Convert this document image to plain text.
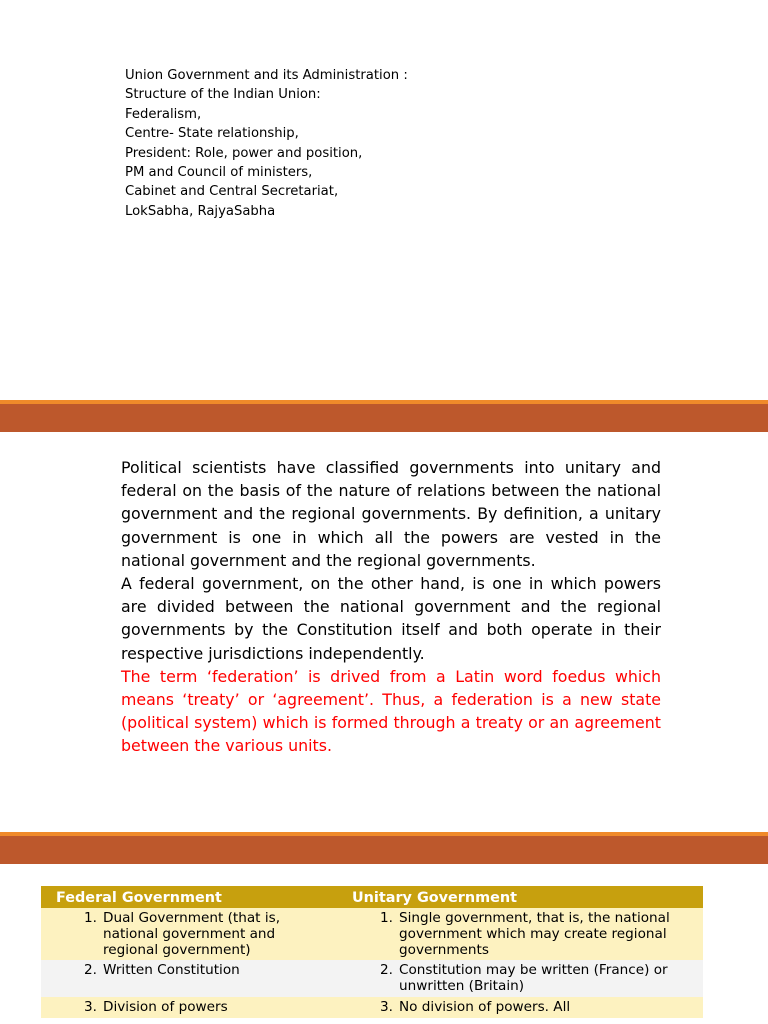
Union Government and its Administration :
Structure of the Indian Union:
Federalism,
Centre- State relationship,
President: Role, power and position,
PM and Council of ministers,
Cabinet and Central Secretariat,
LokSabha, RajyaSabha

Political scientists have classified governments into unitary and federal on the basis of the nature of relations between the national government and the regional governments. By definition, a unitary government is one in which all the powers are vested in the national government and the regional governments.

A federal government, on the other hand, is one in which powers are divided between the national government and the regional governments by the Constitution itself and both operate in their respective jurisdictions independently.

The term ‘federation’ is drived from a Latin word foedus which means ‘treaty’ or ‘agreement’. Thus, a federation is a new state (political system) which is formed through a treaty or an agreement between the various units.

Federal Government	Unitary Government

1. Dual Government (that is, national government and regional government)	1. Single government, that is, the national government which may create regional governments

2. Written Constitution	2. Constitution may be written (France) or unwritten (Britain)

3. Division of powers	3. No division of powers. All
